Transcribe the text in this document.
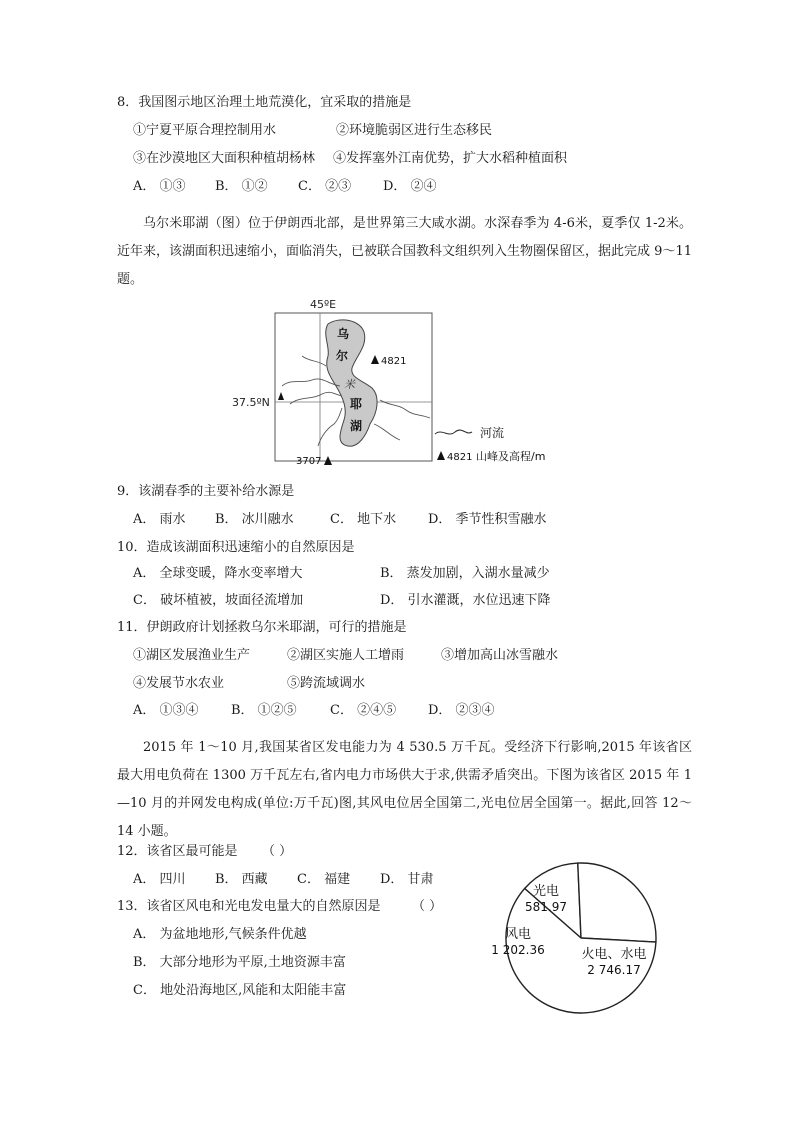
8．我国图示地区治理土地荒漠化，宜采取的措施是
①宁夏平原合理控制用水	②环境脆弱区进行生态移民
③在沙漠地区大面积种植胡杨林 ④发挥塞外江南优势，扩大水稻种植面积
A． ①③ B． ①② C． ②③ D． ②④

乌尔米耶湖（图）位于伊朗西北部，是世界第三大咸水湖。水深春季为 4-6米，夏季仅 1-2米。近年来，该湖面积迅速缩小，面临消失，已被联合国教科文组织列入生物圈保留区，据此完成 9～11题。

45ºE
37.5ºN
乌
尔
米
耶
湖
4821
3707
河流
4821 山峰及高程/m
9．该湖春季的主要补给水源是
A． 雨水 B． 冰川融水	C． 地下水 D． 季节性积雪融水
10．造成该湖面积迅速缩小的自然原因是
A． 全球变暖，降水变率增大	B． 蒸发加剧，入湖水量减少
C． 破坏植被，坡面径流增加	D． 引水灌溉，水位迅速下降
11．伊朗政府计划拯救乌尔米耶湖，可行的措施是
①湖区发展渔业生产	②湖区实施人工增雨	③增加高山冰雪融水
④发展节水农业	⑤跨流域调水
A． ①③④ B． ①②⑤	C． ②④⑤ D． ②③④

2015 年 1～10 月,我国某省区发电能力为 4 530.5 万千瓦。受经济下行影响,2015 年该省区最大用电负荷在 1300 万千瓦左右,省内电力市场供大于求,供需矛盾突出。下图为该省区 2015 年 1—10 月的并网发电构成(单位:万千瓦)图,其风电位居全国第二,光电位居全国第一。据此,回答 12～14 小题。

12．该省区最可能是 （ ）
A． 四川 B． 西藏 C． 福建 D． 甘肃
13．该省区风电和光电发电量大的自然原因是 （ ）
A． 为盆地地形,气候条件优越
B． 大部分地形为平原,土地资源丰富
C． 地处沿海地区,风能和太阳能丰富
光电
581.97
风电
1 202.36	火电、水电
2 746.17
